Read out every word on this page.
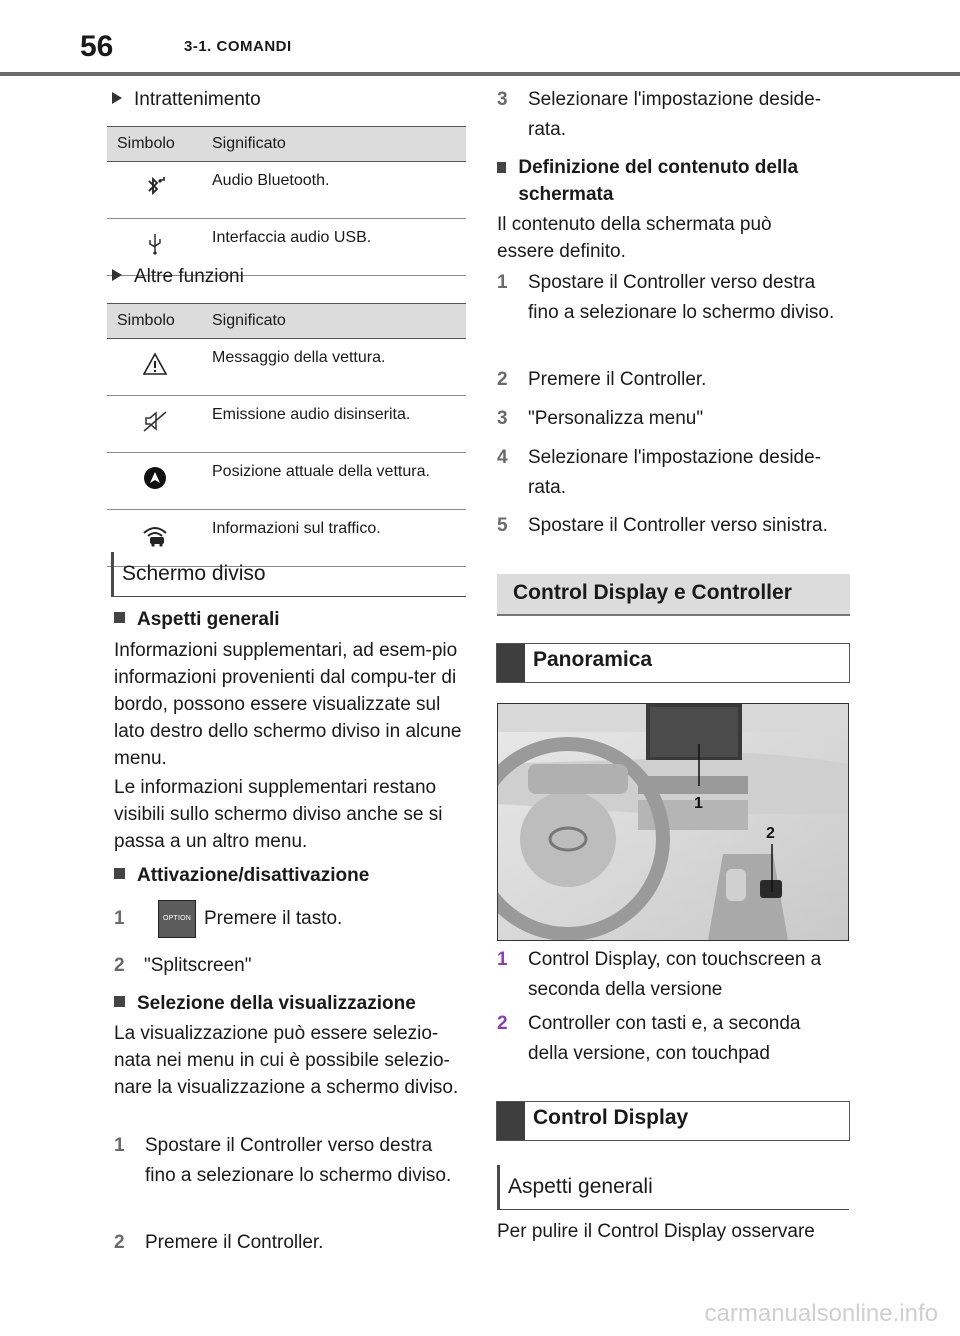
56	3-1. COMANDI
Intrattenimento
Simbolo	Significato
	Audio Bluetooth.
	Interfaccia audio USB.
Altre funzioni
Simbolo	Significato
	Messaggio della vettura.
	Emissione audio disinserita.
	Posizione attuale della vettura.
	Informazioni sul traffico.
Schermo diviso
Aspetti generali
Informazioni supplementari, ad esem-pio informazioni provenienti dal compu-ter di bordo, possono essere visualizzate sul lato destro dello schermo diviso in alcune menu.
Le informazioni supplementari restano visibili sullo schermo diviso anche se si passa a un altro menu.
Attivazione/disattivazione
1	OPTION Premere il tasto.
2 "Splitscreen"
Selezione della visualizzazione
La visualizzazione può essere selezio-nata nei menu in cui è possibile selezio-nare la visualizzazione a schermo diviso.
1	Spostare il Controller verso destra fino a selezionare lo schermo diviso.
2	Premere il Controller.
3	Selezionare l'impostazione deside-rata.
Definizione del contenuto della schermata
Il contenuto della schermata può essere definito.
1	Spostare il Controller verso destra fino a selezionare lo schermo diviso.
2	Premere il Controller.
3	"Personalizza menu"
4	Selezionare l'impostazione deside-rata.
5	Spostare il Controller verso sinistra.
Control Display e Controller
Panoramica
1
2
1	Control Display, con touchscreen a seconda della versione
2	Controller con tasti e, a seconda della versione, con touchpad
Control Display
Aspetti generali
Per pulire il Control Display osservare
carmanualsonline.info
